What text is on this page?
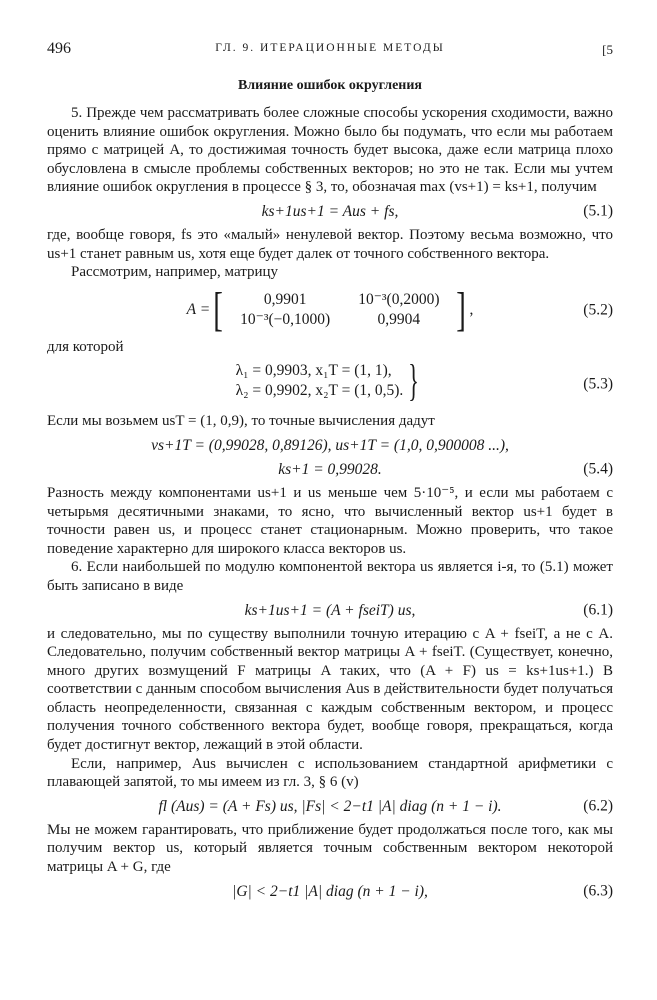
496	ГЛ. 9. ИТЕРАЦИОННЫЕ МЕТОДЫ	[5
Влияние ошибок округления

5. Прежде чем рассматривать более сложные способы ускорения сходимости, важно оценить влияние ошибок округления. Можно было бы подумать, что если мы работаем прямо с матрицей A, то достижимая точность будет высока, даже если матрица плохо обусловлена в смысле проблемы собственных векторов; но это не так. Если мы учтем влияние ошибок округления в процессе § 3, то, обозначая max (vs+1) = ks+1, получим

ks+1us+1 = Aus + fs,	(5.1)

где, вообще говоря, fs это «малый» ненулевой вектор. Поэтому весьма возможно, что us+1 станет равным us, хотя еще будет далек от точного собственного вектора.

Рассмотрим, например, матрицу

A = [	0,9901	10⁻³(0,2000)
10⁻³(−0,1000)	0,9904 ] ,	(5.2)

для которой

λ₁ = 0,9903, x₁T = (1, 1),
λ₂ = 0,9902, x₂T = (1, 0,5). }	(5.3)

Если мы возьмем usT = (1, 0,9), то точные вычисления дадут

vs+1T = (0,99028, 0,89126), us+1T = (1,0, 0,900008 ...),
ks+1 = 0,99028.	(5.4)

Разность между компонентами us+1 и us меньше чем 5·10⁻⁵, и если мы работаем с четырьмя десятичными знаками, то ясно, что вычисленный вектор us+1 будет в точности равен us, и процесс станет стационарным. Можно проверить, что такое поведение характерно для широкого класса векторов us.

6. Если наибольшей по модулю компонентой вектора us является i-я, то (5.1) может быть записано в виде

ks+1us+1 = (A + fseiT) us,	(6.1)

и следовательно, мы по существу выполнили точную итерацию с A + fseiT, а не с A. Следовательно, получим собственный вектор матрицы A + fseiT. (Существует, конечно, много других возмущений F матрицы A таких, что (A + F) us = ks+1us+1.) В соответствии с данным способом вычисления Aus в действительности будет получаться область неопределенности, связанная с каждым собственным вектором, и процесс получения точного собственного вектора будет, вообще говоря, прекращаться, когда будет достигнут вектор, лежащий в этой области.

Если, например, Aus вычислен с использованием стандартной арифметики с плавающей запятой, то мы имеем из гл. 3, § 6 (v)

fl (Aus) = (A + Fs) us, |Fs| < 2−t1 |A| diag (n + 1 − i).	(6.2)

Мы не можем гарантировать, что приближение будет продолжаться после того, как мы получим вектор us, который является точным собственным вектором некоторой матрицы A + G, где

|G| < 2−t1 |A| diag (n + 1 − i),	(6.3)
